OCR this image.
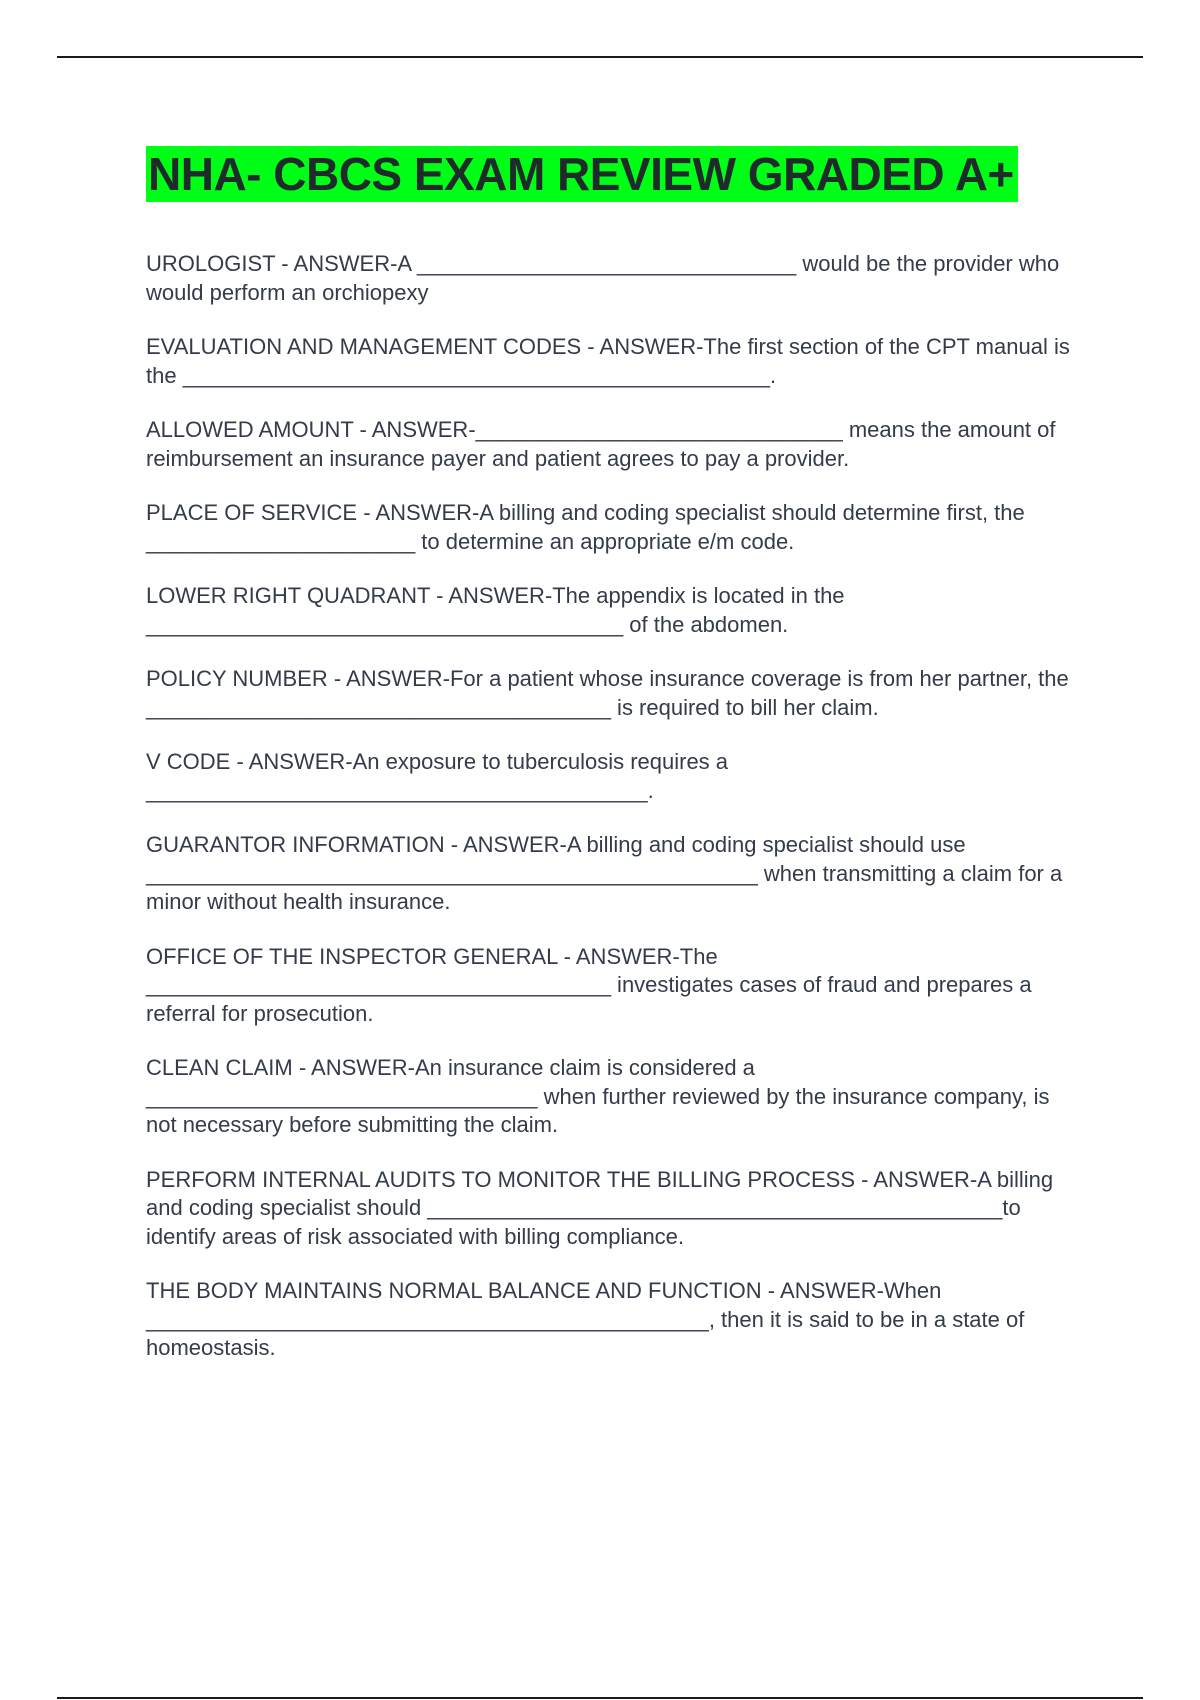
NHA- CBCS EXAM REVIEW GRADED A+

UROLOGIST - ANSWER-A _______________________________ would be the provider who would perform an orchiopexy

EVALUATION AND MANAGEMENT CODES - ANSWER-The first section of the CPT manual is the ________________________________________________.

ALLOWED AMOUNT - ANSWER-______________________________ means the amount of reimbursement an insurance payer and patient agrees to pay a provider.

PLACE OF SERVICE - ANSWER-A billing and coding specialist should determine first, the ______________________ to determine an appropriate e/m code.

LOWER RIGHT QUADRANT - ANSWER-The appendix is located in the _______________________________________ of the abdomen.

POLICY NUMBER - ANSWER-For a patient whose insurance coverage is from her partner, the ______________________________________ is required to bill her claim.

V CODE - ANSWER-An exposure to tuberculosis requires a _________________________________________.

GUARANTOR INFORMATION - ANSWER-A billing and coding specialist should use __________________________________________________ when transmitting a claim for a minor without health insurance.

OFFICE OF THE INSPECTOR GENERAL - ANSWER-The ______________________________________ investigates cases of fraud and prepares a referral for prosecution.

CLEAN CLAIM - ANSWER-An insurance claim is considered a ________________________________ when further reviewed by the insurance company, is not necessary before submitting the claim.

PERFORM INTERNAL AUDITS TO MONITOR THE BILLING PROCESS - ANSWER-A billing and coding specialist should _______________________________________________to identify areas of risk associated with billing compliance.

THE BODY MAINTAINS NORMAL BALANCE AND FUNCTION - ANSWER-When ______________________________________________, then it is said to be in a state of homeostasis.
